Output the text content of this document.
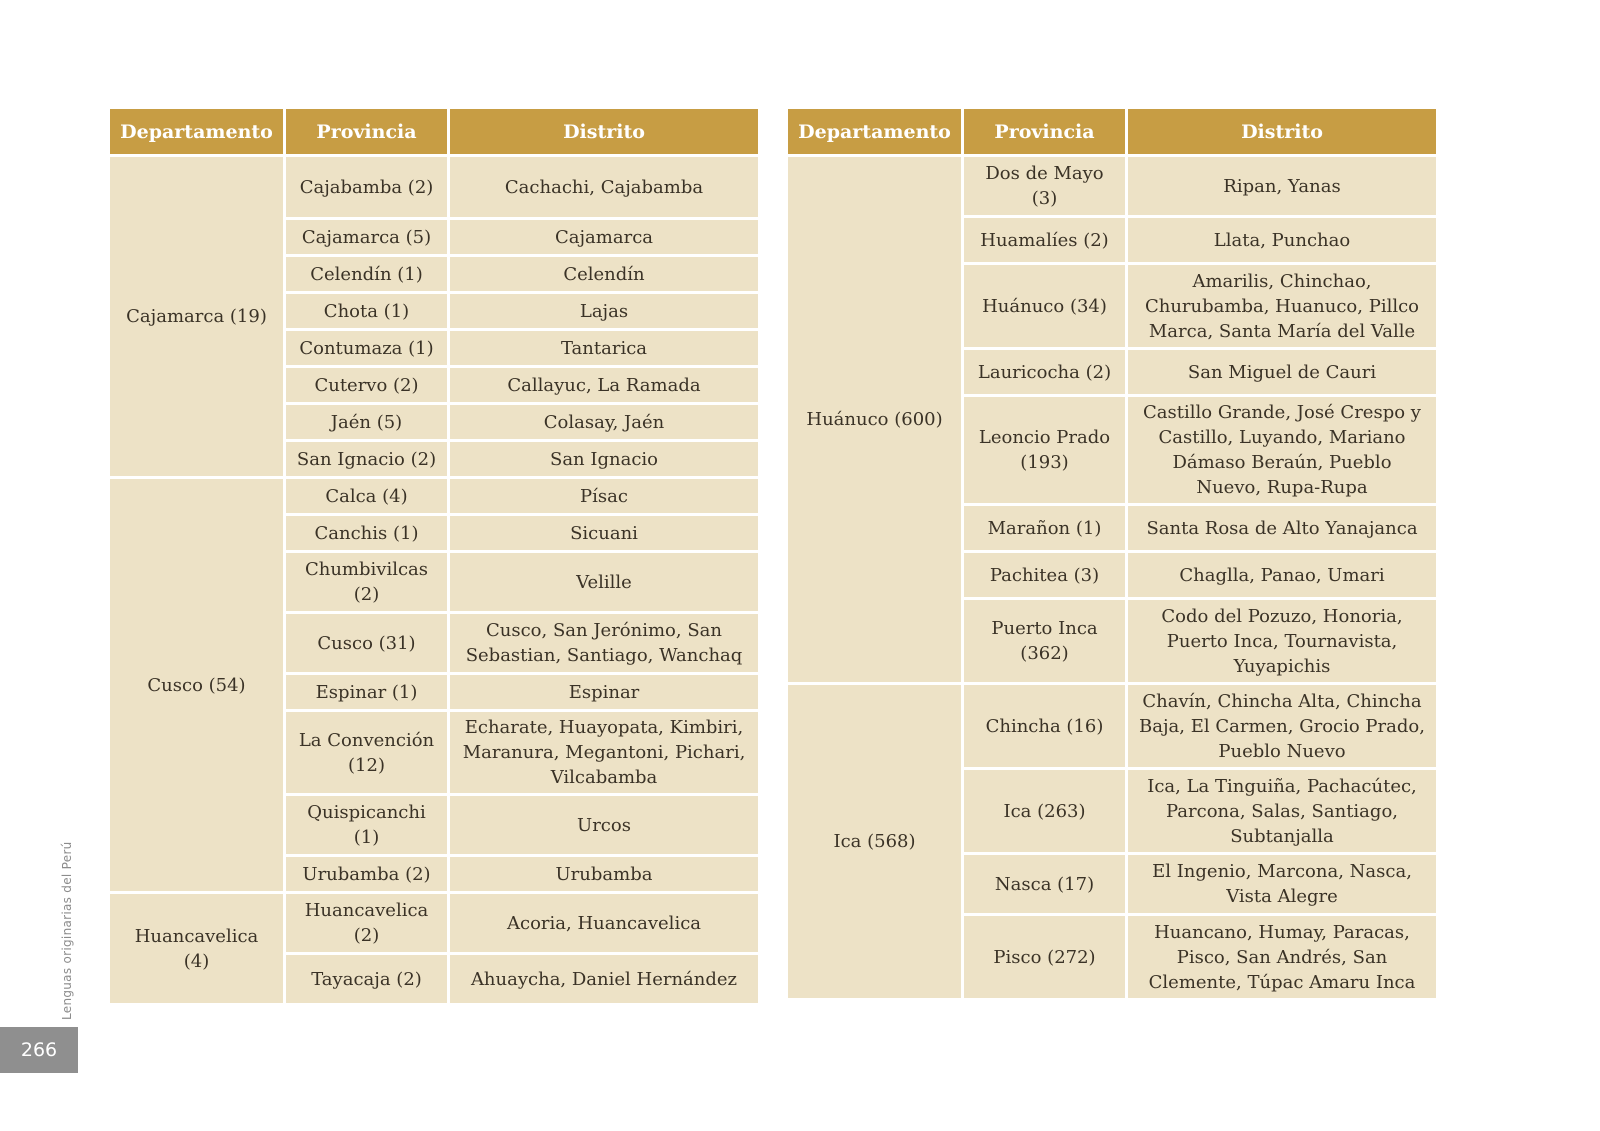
Departamento	Provincia	Distrito
Cajamarca (19)	Cajabamba (2)	Cachachi, Cajabamba
	Cajamarca (5)	Cajamarca
	Celendín (1)	Celendín
	Chota (1)	Lajas
	Contumaza (1)	Tantarica
	Cutervo (2)	Callayuc, La Ramada
	Jaén (5)	Colasay, Jaén
	San Ignacio (2)	San Ignacio
Cusco (54)	Calca (4)	Písac
	Canchis (1)	Sicuani
	Chumbivilcas (2)	Velille
	Cusco (31)	Cusco, San Jerónimo, San Sebastian, Santiago, Wanchaq
	Espinar (1)	Espinar
	La Convención (12)	Echarate, Huayopata, Kimbiri, Maranura, Megantoni, Pichari, Vilcabamba
	Quispicanchi (1)	Urcos
	Urubamba (2)	Urubamba
Huancavelica (4)	Huancavelica (2)	Acoria, Huancavelica
	Tayacaja (2)	Ahuaycha, Daniel Hernández
Departamento	Provincia	Distrito
Huánuco (600)	Dos de Mayo (3)	Ripan, Yanas
	Huamalíes (2)	Llata, Punchao
	Huánuco (34)	Amarilis, Chinchao, Churubamba, Huanuco, Pillco Marca, Santa María del Valle
	Lauricocha (2)	San Miguel de Cauri
	Leoncio Prado (193)	Castillo Grande, José Crespo y Castillo, Luyando, Mariano Dámaso Beraún, Pueblo Nuevo, Rupa-Rupa
	Marañon (1)	Santa Rosa de Alto Yanajanca
	Pachitea (3)	Chaglla, Panao, Umari
	Puerto Inca (362)	Codo del Pozuzo, Honoria, Puerto Inca, Tournavista, Yuyapichis
Ica (568)	Chincha (16)	Chavín, Chincha Alta, Chincha Baja, El Carmen, Grocio Prado, Pueblo Nuevo
	Ica (263)	Ica, La Tinguiña, Pachacútec, Parcona, Salas, Santiago, Subtanjalla
	Nasca (17)	El Ingenio, Marcona, Nasca, Vista Alegre
	Pisco (272)	Huancano, Humay, Paracas, Pisco, San Andrés, San Clemente, Túpac Amaru Inca
Lenguas originarias del Perú
266
